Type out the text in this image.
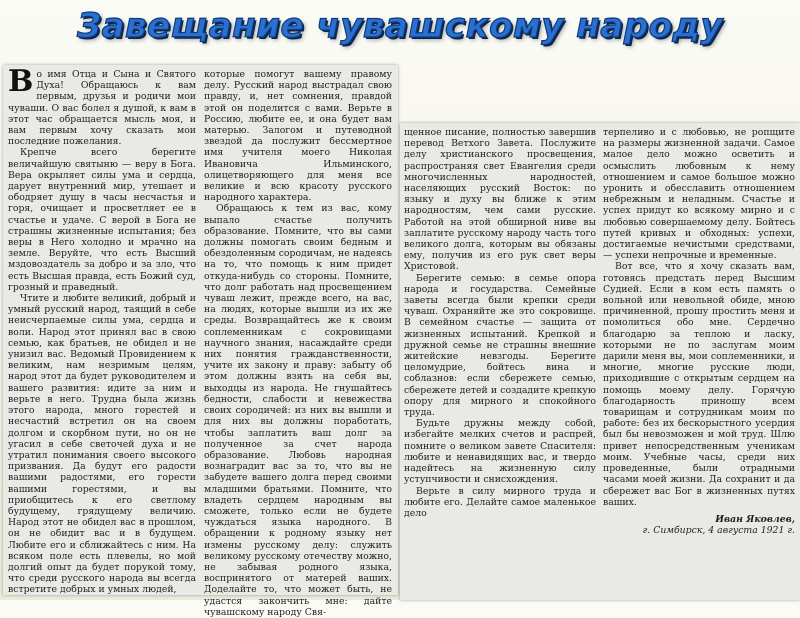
Завещание чувашскому народу

Во имя Отца и Сына и Святого Духа! Обращаюсь к вам первым, друзья и родичи мои чуваши. О вас болел я душой, к вам в этот час обращается мысль моя, и вам первым хочу сказать мои последние пожелания.

Крепче всего берегите величайшую святыню — веру в Бога. Вера окрыляет силы ума и сердца, дарует внутренний мир, утешает и ободряет душу в часы несчастья и горя, очищает и просветляет ее в счастье и удаче. С верой в Бога не страшны жизненные испытания; без веры в Него холодно и мрачно на земле. Веруйте, что есть Высший мздовоздатель за добро и за зло, что есть Высшая правда, есть Божий суд, грозный и праведный.

Чтите и любите великий, добрый и умный русский народ, таящий в себе неисчерпаемые силы ума, сердца и воли. Народ этот принял вас в свою семью, как братьев, не обидел и не унизил вас. Ведомый Провидением к великим, нам незримым целям, народ этот да будет руководителем и вашего развития: идите за ним и верьте в него. Трудна была жизнь этого народа, много горестей и несчастий встретил он на своем долгом и скорбном пути, но он не угасил в себе светочей духа и не утратил понимания своего высокого призвания. Да будут его радости вашими радостями, его горести вашими горестями, и вы приобщитесь к его светлому будущему, грядущему величию. Народ этот не обидел вас в прошлом, он не обидит вас и в будущем. Любите его и сближайтесь с ним. На всяком поле есть плевелы, но мой долгий опыт да будет порукой тому, что среди русского народа вы всегда встретите добрых и умных людей,

которые помогут вашему правому делу. Русский народ выстрадал свою правду, и, нет сомнения, правдой этой он поделится с вами. Верьте в Россию, любите ее, и она будет вам матерью. Залогом и путеводной звездой да послужит бессмертное имя учителя моего Николая Ивановича Ильминского, олицетворяющего для меня все великие и всю красоту русского народного характера.

Обращаюсь к тем из вас, кому выпало счастье получить образование. Помните, что вы сами должны помогать своим бедным и обездоленным сородичам, не надеясь на то, что помощь к ним придет откуда-нибудь со стороны. Помните, что долг работать над просвещением чуваш лежит, прежде всего, на вас, на людях, которые вышли из их же среды. Возвращайтесь же к своим соплеменникам с сокровищами научного знания, насаждайте среди них понятия гражданственности, учите их закону и праву: забыту об этом должны взять на себя вы, выходцы из народа. Не гнушайтесь бедности, слабости и невежества своих сородичей: из них вы вышли и для них вы должны поработать, чтобы заплатить ваш долг за полученное за счет народа образование. Любовь народная вознаградит вас за то, что вы не забудете вашего долга перед своими младшими братьями. Помните, что владеть сердцем народным вы сможете, только если не будете чуждаться языка народного. В обращении к родному языку нет измены русскому делу: служить великому русскому отечеству можно, не забывая родного языка, воспринятого от матерей ваших. Доделайте то, что может быть, не удастся закончить мне: дайте чувашскому народу Свя-

щенное писание, полностью завершив перевод Ветхого Завета. Послужите делу христианского просвещения, распространяя свет Евангелия среди многочисленных народностей, населяющих русский Восток: по языку и духу вы ближе к этим народностям, чем сами русские. Работой на этой обширной ниве вы заплатите русскому народу часть того великого долга, которым вы обязаны ему, получив из его рук свет веры Христовой.

Берегите семью: в семье опора народа и государства. Семейные заветы всегда были крепки среди чуваш. Охраняйте же это сокровище. В семейном счастье — защита от жизненных испытаний. Крепкой и дружной семье не страшны внешние житейские невзгоды. Берегите целомудрие, бойтесь вина и соблазнов: если сбережете семью, сбережете детей и создадите крепкую опору для мирного и спокойного труда.

Будьте дружны между собой, избегайте мелких счетов и распрей, помните о великом завете Спасителя: любите и ненавидящих вас, и твердо надейтесь на жизненную силу уступчивости и снисхождения.

Верьте в силу мирного труда и любите его. Делайте самое маленькое дело

терпеливо и с любовью, не ропщите на размеры жизненной задачи. Самое малое дело можно осветить и осмыслить любовным к нему отношением и самое большое можно уронить и обесславить отношением небрежным и неладным. Счастье и успех придут ко всякому мирно и с любовью совершаемому делу. Бойтесь путей кривых и обходных: успехи, достигаемые нечистыми средствами, — успехи непрочные и временные.

Вот все, что я хочу сказать вам, готовясь предстать перед Высшим Судией. Если в ком есть память о вольной или невольной обиде, мною причиненной, прошу простить меня и помолиться обо мне. Сердечно благодарю за теплою и ласку, которыми не по заслугам моим дарили меня вы, мои соплеменники, и многие, многие русские люди, приходившие с открытым сердцем на помощь моему делу. Горячую благодарность приношу всем товарищам и сотрудникам моим по работе: без их бескорыстного усердия был бы невозможен и мой труд. Шлю привет непосредственным ученикам моим. Учебные часы, среди них проведенные, были отрадными часами моей жизни. Да сохранит и да сбережет вас Бог в жизненных путях ваших.

Иван Яковлев,
г. Симбирск, 4 августа 1921 г.
